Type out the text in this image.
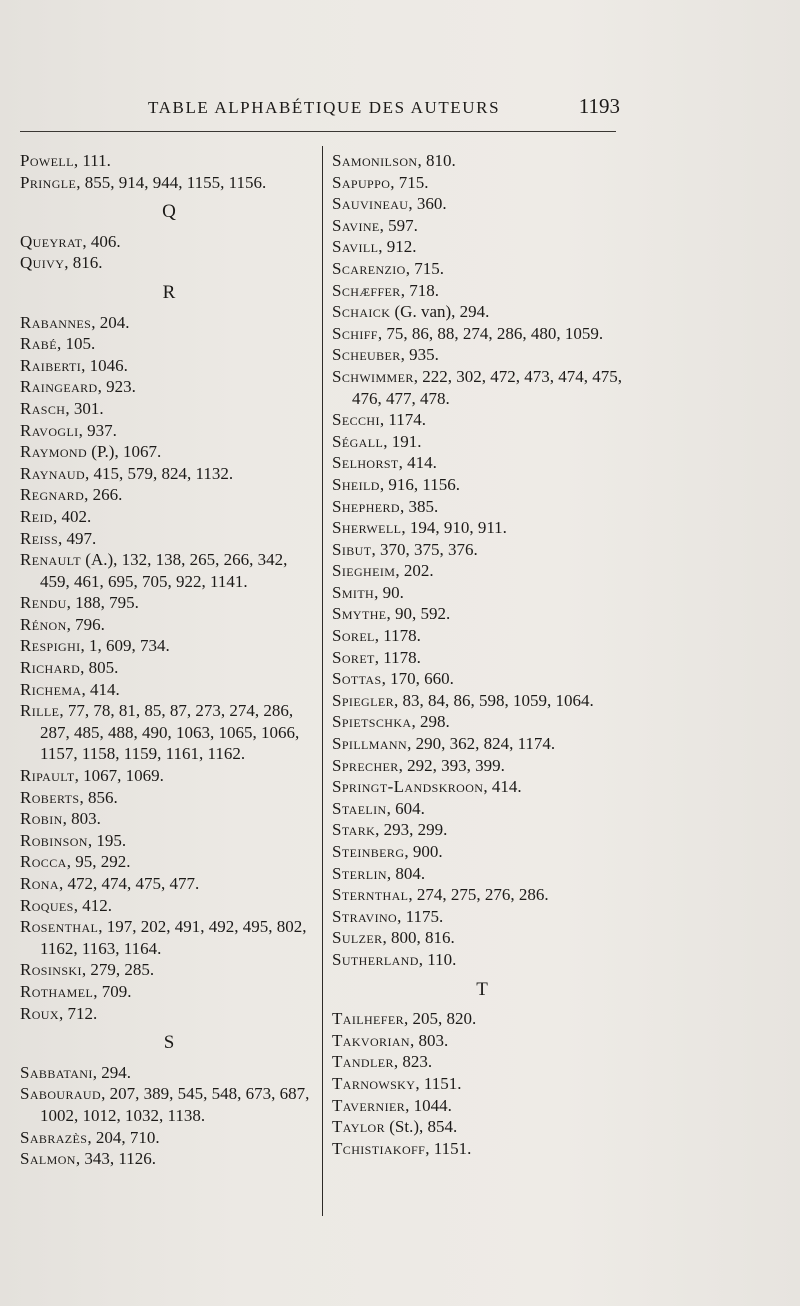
TABLE ALPHABÉTIQUE DES AUTEURS	1193
Powell, 111.
Pringle, 855, 914, 944, 1155, 1156.
Q
Queyrat, 406.
Quivy, 816.
R
Rabannes, 204.
Rabé, 105.
Raiberti, 1046.
Raingeard, 923.
Rasch, 301.
Ravogli, 937.
Raymond (P.), 1067.
Raynaud, 415, 579, 824, 1132.
Regnard, 266.
Reid, 402.
Reiss, 497.
Renault (A.), 132, 138, 265, 266, 342, 459, 461, 695, 705, 922, 1141.
Rendu, 188, 795.
Rénon, 796.
Respighi, 1, 609, 734.
Richard, 805.
Richema, 414.
Rille, 77, 78, 81, 85, 87, 273, 274, 286, 287, 485, 488, 490, 1063, 1065, 1066, 1157, 1158, 1159, 1161, 1162.
Ripault, 1067, 1069.
Roberts, 856.
Robin, 803.
Robinson, 195.
Rocca, 95, 292.
Rona, 472, 474, 475, 477.
Roques, 412.
Rosenthal, 197, 202, 491, 492, 495, 802, 1162, 1163, 1164.
Rosinski, 279, 285.
Rothamel, 709.
Roux, 712.
S
Sabbatani, 294.
Sabouraud, 207, 389, 545, 548, 673, 687, 1002, 1012, 1032, 1138.
Sabrazès, 204, 710.
Salmon, 343, 1126.
Samonilson, 810.
Sapuppo, 715.
Sauvineau, 360.
Savine, 597.
Savill, 912.
Scarenzio, 715.
Schæffer, 718.
Schaick (G. van), 294.
Schiff, 75, 86, 88, 274, 286, 480, 1059.
Scheuber, 935.
Schwimmer, 222, 302, 472, 473, 474, 475, 476, 477, 478.
Secchi, 1174.
Ségall, 191.
Selhorst, 414.
Sheild, 916, 1156.
Shepherd, 385.
Sherwell, 194, 910, 911.
Sibut, 370, 375, 376.
Siegheim, 202.
Smith, 90.
Smythe, 90, 592.
Sorel, 1178.
Soret, 1178.
Sottas, 170, 660.
Spiegler, 83, 84, 86, 598, 1059, 1064.
Spietschka, 298.
Spillmann, 290, 362, 824, 1174.
Sprecher, 292, 393, 399.
Springt-Landskroon, 414.
Staelin, 604.
Stark, 293, 299.
Steinberg, 900.
Sterlin, 804.
Sternthal, 274, 275, 276, 286.
Stravino, 1175.
Sulzer, 800, 816.
Sutherland, 110.
T
Tailhefer, 205, 820.
Takvorian, 803.
Tandler, 823.
Tarnowsky, 1151.
Tavernier, 1044.
Taylor (St.), 854.
Tchistiakoff, 1151.
